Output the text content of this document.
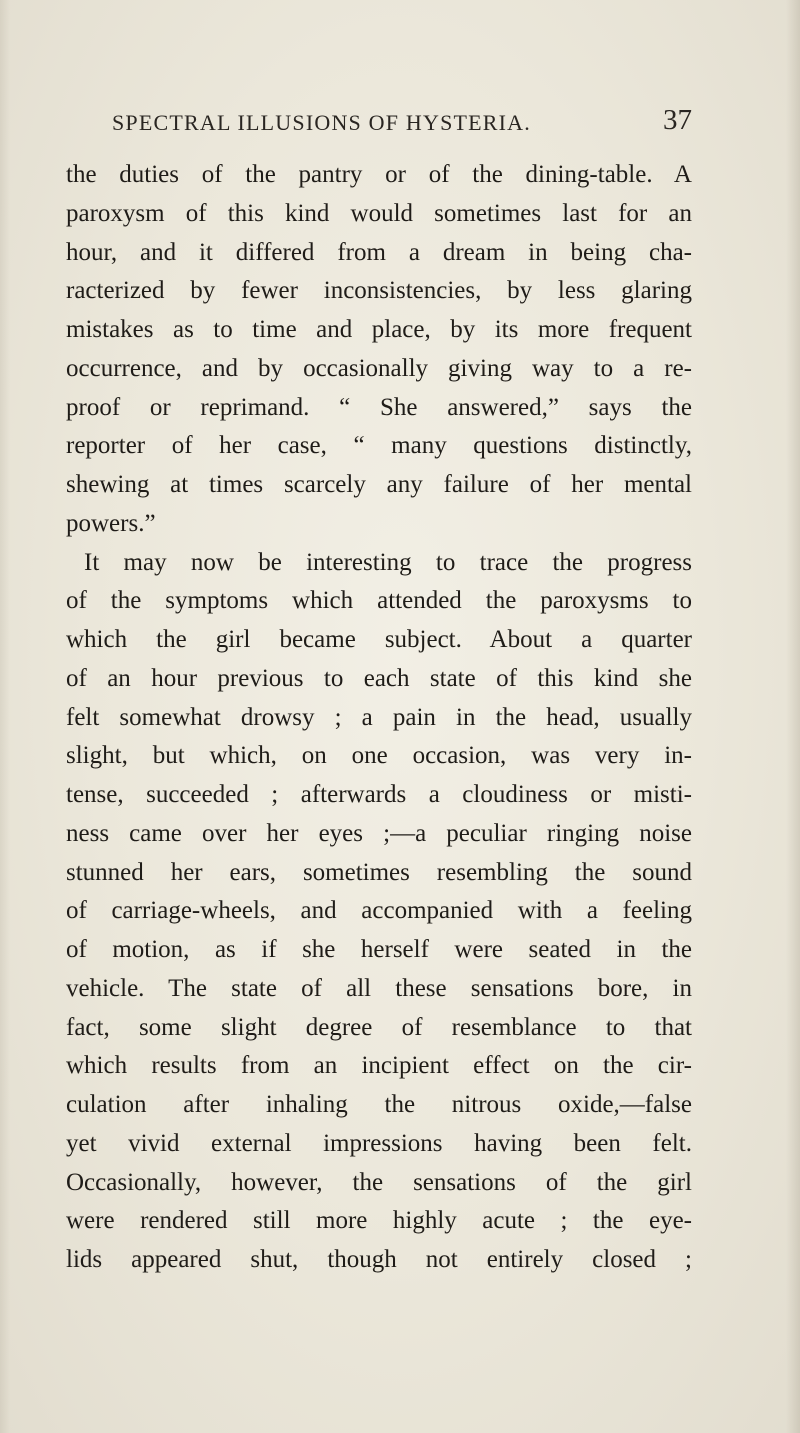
SPECTRAL ILLUSIONS OF HYSTERIA.	37
the duties of the pantry or of the dining-table. A
paroxysm of this kind would sometimes last for an
hour, and it differed from a dream in being cha-
racterized by fewer inconsistencies, by less glaring
mistakes as to time and place, by its more frequent
occurrence, and by occasionally giving way to a re-
proof or reprimand. “ She answered,” says the
reporter of her case, “ many questions distinctly,
shewing at times scarcely any failure of her mental
powers.”
It may now be interesting to trace the progress
of the symptoms which attended the paroxysms to
which the girl became subject. About a quarter
of an hour previous to each state of this kind she
felt somewhat drowsy ; a pain in the head, usually
slight, but which, on one occasion, was very in-
tense, succeeded ; afterwards a cloudiness or misti-
ness came over her eyes ;—a peculiar ringing noise
stunned her ears, sometimes resembling the sound
of carriage-wheels, and accompanied with a feeling
of motion, as if she herself were seated in the
vehicle. The state of all these sensations bore, in
fact, some slight degree of resemblance to that
which results from an incipient effect on the cir-
culation after inhaling the nitrous oxide,—false
yet vivid external impressions having been felt.
Occasionally, however, the sensations of the girl
were rendered still more highly acute ; the eye-
lids appeared shut, though not entirely closed ;
